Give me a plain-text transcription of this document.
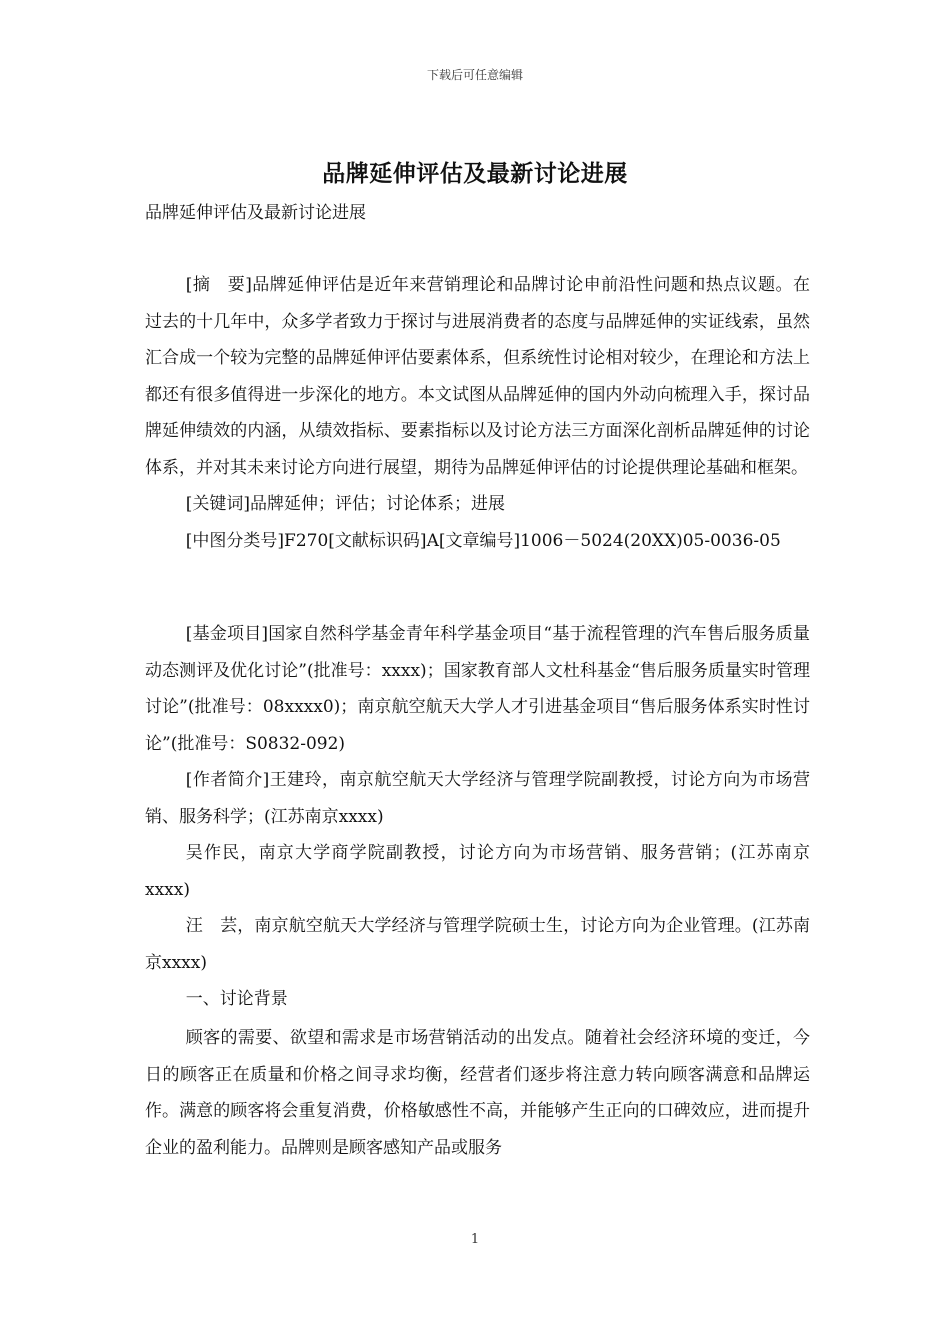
下载后可任意编辑
品牌延伸评估及最新讨论进展
品牌延伸评估及最新讨论进展

[摘　要]品牌延伸评估是近年来营销理论和品牌讨论申前沿性问题和热点议题。在过去的十几年中，众多学者致力于探讨与进展消费者的态度与品牌延伸的实证线索，虽然汇合成一个较为完整的品牌延伸评估要素体系，但系统性讨论相对较少，在理论和方法上都还有很多值得进一步深化的地方。本文试图从品牌延伸的国内外动向梳理入手，探讨品牌延伸绩效的内涵，从绩效指标、要素指标以及讨论方法三方面深化剖析品牌延伸的讨论体系，并对其未来讨论方向进行展望，期待为品牌延伸评估的讨论提供理论基础和框架。

[关键词]品牌延伸；评估；讨论体系；进展

[中图分类号]F270[文献标识码]A[文章编号]1006－5024(20XX)05-0036-05

[基金项目]国家自然科学基金青年科学基金项目“基于流程管理的汽车售后服务质量动态测评及优化讨论”(批准号：xxxx)；国家教育部人文杜科基金“售后服务质量实时管理讨论”(批准号：08xxxx0)；南京航空航天大学人才引进基金项目“售后服务体系实时性讨论”(批准号：S0832-092)

[作者简介]王建玲，南京航空航天大学经济与管理学院副教授，讨论方向为市场营销、服务科学；(江苏南京xxxx)

吴作民，南京大学商学院副教授，讨论方向为市场营销、服务营销；(江苏南京xxxx)

汪　芸，南京航空航天大学经济与管理学院硕士生，讨论方向为企业管理。(江苏南京xxxx)

一、讨论背景

顾客的需要、欲望和需求是市场营销活动的出发点。随着社会经济环境的变迁，今日的顾客正在质量和价格之间寻求均衡，经营者们逐步将注意力转向顾客满意和品牌运作。满意的顾客将会重复消费，价格敏感性不高，并能够产生正向的口碑效应，进而提升企业的盈利能力。品牌则是顾客感知产品或服务

1
